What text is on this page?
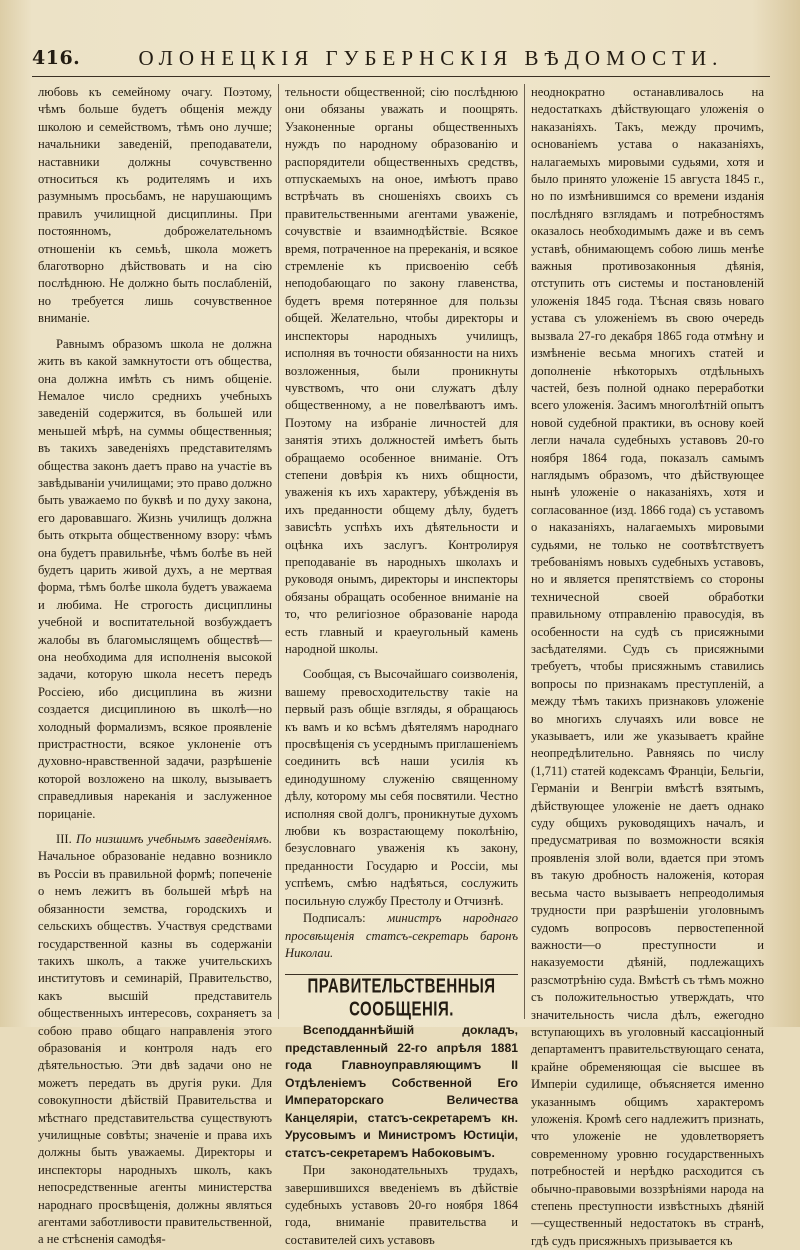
416.	ОЛОНЕЦКІЯ ГУБЕРНСКІЯ ВѢДОМОСТИ.

любовь къ семейному очагу. Поэтому, чѣмъ больше будетъ общенія между школою и семействомъ, тѣмъ оно лучше; начальники заведеній, преподаватели, наставники должны сочувственно относиться къ родителямъ и ихъ разумнымъ просьбамъ, не нарушающимъ правилъ училищной дисциплины. При постоянномъ, доброжелательномъ отношеніи къ семьѣ, школа можетъ благотворно дѣйствовать и на сію послѣднюю. Не должно быть послабленій, но требуется лишь сочувственное вниманіе.

Равнымъ образомъ школа не должна жить въ какой замкнутости отъ общества, она должна имѣть съ нимъ общеніе. Немалое число среднихъ учебныхъ заведеній содержится, въ большей или меньшей мѣрѣ, на суммы общественныя; въ такихъ заведеніяхъ представителямъ общества законъ даетъ право на участіе въ завѣдываніи училищами; это право должно быть уважаемо по буквѣ и по духу закона, его даровавшаго. Жизнь училищъ должна быть открыта общественному взору: чѣмъ она будетъ правильнѣе, чѣмъ болѣе въ ней будетъ царить живой духъ, а не мертвая форма, тѣмъ болѣе школа будетъ уважаема и любима. Не строгость дисциплины учебной и воспитательной возбуждаетъ жалобы въ благомыслящемъ обществѣ—она необходима для исполненія высокой задачи, которую школа несетъ передъ Россіею, ибо дисциплина въ жизни создается дисциплиною въ школѣ—но холодный формализмъ, всякое проявленіе пристрастности, всякое уклоненіе отъ духовно-нравственной задачи, разрѣшеніе которой возложено на школу, вызываетъ справедливыя нареканія и заслуженное порицаніе.

III. По низшимъ учебнымъ заведеніямъ. Начальное образованіе недавно возникло въ Россіи въ правильной формѣ; попеченіе о немъ лежитъ въ большей мѣрѣ на обязанности земства, городскихъ и сельскихъ обществъ. Участвуя средствами государственной казны въ содержаніи такихъ школъ, а также учительскихъ институтовъ и семинарій, Правительство, какъ высшій представитель общественныхъ интересовъ, сохраняетъ за собою право общаго направленія этого образованія и контроля надъ его дѣятельностью. Эти двѣ задачи оно не можетъ передать въ другія руки. Для совокупности дѣйствій Правительства и мѣстнаго представительства существуютъ училищные совѣты; значеніе и права ихъ должны быть уважаемы. Директоры и инспекторы народныхъ школъ, какъ непосредственные агенты министерства народнаго просвѣщенія, должны являться агентами заботливости правительственной, а не стѣсненія самодѣя-

тельности общественной; сію послѣднюю они обязаны уважать и поощрять. Узаконенные органы общественныхъ нуждъ по народному образованію и распорядители общественныхъ средствъ, отпускаемыхъ на оное, имѣютъ право встрѣчать въ сношеніяхъ своихъ съ правительственными агентами уваженіе, сочувствіе и взаимнодѣйствіе. Всякое время, потраченное на пререканія, и всякое стремленіе къ присвоенію себѣ неподобающаго по закону главенства, будетъ время потерянное для пользы общей. Желательно, чтобы директоры и инспекторы народныхъ училищъ, исполняя въ точности обязанности на нихъ возложенныя, были проникнуты чувствомъ, что они служатъ дѣлу общественному, а не повелѣваютъ имъ. Поэтому на избраніе личностей для занятія этихъ должностей имѣетъ быть обращаемо особенное вниманіе. Отъ степени довѣрія къ нихъ общности, уваженія къ ихъ характеру, убѣжденія въ ихъ преданности общему дѣлу, будетъ зависѣть успѣхъ ихъ дѣятельности и оцѣнка ихъ заслугъ. Контролируя преподаваніе въ народныхъ школахъ и руководя онымъ, директоры и инспекторы обязаны обращать особенное вниманіе на то, что религіозное образованіе народа есть главный и краеугольный камень народной школы.

Сообщая, съ Высочайшаго соизволенія, вашему превосходительству такіе на первый разъ общіе взгляды, я обращаюсь къ вамъ и ко всѣмъ дѣятелямъ народнаго просвѣщенія съ усерднымъ приглашеніемъ соединить всѣ наши усилія къ единодушному служенію священному дѣлу, которому мы себя посвятили. Честно исполняя свой долгъ, проникнутые духомъ любви къ возрастающему поколѣнію, безусловнаго уваженія къ закону, преданности Государю и Россіи, мы успѣемъ, смѣю надѣяться, сослужить посильную службу Престолу и Отчизнѣ.

Подписалъ: министръ народнаго просвѣщенія статсъ-секретарь баронъ Николаи.

ПРАВИТЕЛЬСТВЕННЫЯ СООБЩЕНІЯ.

Всеподданнѣйшій докладъ, представленный 22-го апрѣля 1881 года Главноуправляющимъ II Отдѣленіемъ Собственной Его Императорскаго Величества Канцеляріи, статсъ-секретаремъ кн. Урусовымъ и Министромъ Юстиціи, статсъ-секретаремъ Набоковымъ.

При законодательныхъ трудахъ, завершившихся введеніемъ въ дѣйствіе судебныхъ уставовъ 20-го ноября 1864 года, вниманіе правительства и составителей сихъ уставовъ

неоднократно останавливалось на недостаткахъ дѣйствующаго уложенія о наказаніяхъ. Такъ, между прочимъ, основаніемъ устава о наказаніяхъ, налагаемыхъ мировыми судьями, хотя и было принято уложеніе 15 августа 1845 г., но по измѣнившимся со времени изданія послѣдняго взглядамъ и потребностямъ оказалось необходимымъ даже и въ семъ уставѣ, обнимающемъ собою лишь менѣе важныя противозаконныя дѣянія, отступить отъ системы и постановленій уложенія 1845 года. Тѣсная связь новаго устава съ уложеніемъ въ свою очередь вызвала 27-го декабря 1865 года отмѣну и измѣненіе весьма многихъ статей и дополненіе нѣкоторыхъ отдѣльныхъ частей, безъ полной однако переработки всего уложенія. Засимъ многолѣтній опытъ новой судебной практики, въ основу коей легли начала судебныхъ уставовъ 20-го ноября 1864 года, показалъ самымъ наглядымъ образомъ, что дѣйствующее нынѣ уложеніе о наказаніяхъ, хотя и согласованное (изд. 1866 года) съ уставомъ о наказаніяхъ, налагаемыхъ мировыми судьями, не только не соотвѣтствуетъ требованіямъ новыхъ судебныхъ уставовъ, но и является препятствіемъ со стороны техничесной своей обработки правильному отправленію правосудія, въ особенности на судѣ съ присяжными засѣдателями. Судъ съ присяжными требуетъ, чтобы присяжнымъ ставились вопросы по признакамъ преступленій, а между тѣмъ такихъ признаковъ уложеніе во многихъ случаяхъ или вовсе не указываетъ, или же указываетъ крайне неопредѣлительно. Равняясь по числу (1,711) статей кодексамъ Франціи, Бельгіи, Германіи и Венгріи вмѣстѣ взятымъ, дѣйствующее уложеніе не даетъ однако суду общихъ руководящихъ началъ, и предусматривая по возможности всякія проявленія злой воли, вдается при этомъ въ такую дробность наложенія, которая весьма часто вызываетъ непреодолимыя трудности при разрѣшеніи уголовнымъ судомъ вопросовъ первостепенной важности—о преступности и наказуемости дѣяній, подлежащихъ разсмотрѣнію суда. Вмѣстѣ съ тѣмъ можно съ положительностью утверждать, что значительность числа дѣлъ, ежегодно вступающихъ въ уголовный кассаціонный департаментъ правительствующаго сената, крайне обременяющая сіе высшее въ Имперіи судилище, объясняется именно указаннымъ общимъ характеромъ уложенія. Кромѣ сего надлежитъ признать, что уложеніе не удовлетворяетъ современному уровню государственныхъ потребностей и нерѣдко расходится съ обычно-правовыми воззрѣніями народа на степень преступности извѣстныхъ дѣяній—существенный недостатокъ въ странѣ, гдѣ судъ присяжныхъ призывается къ
